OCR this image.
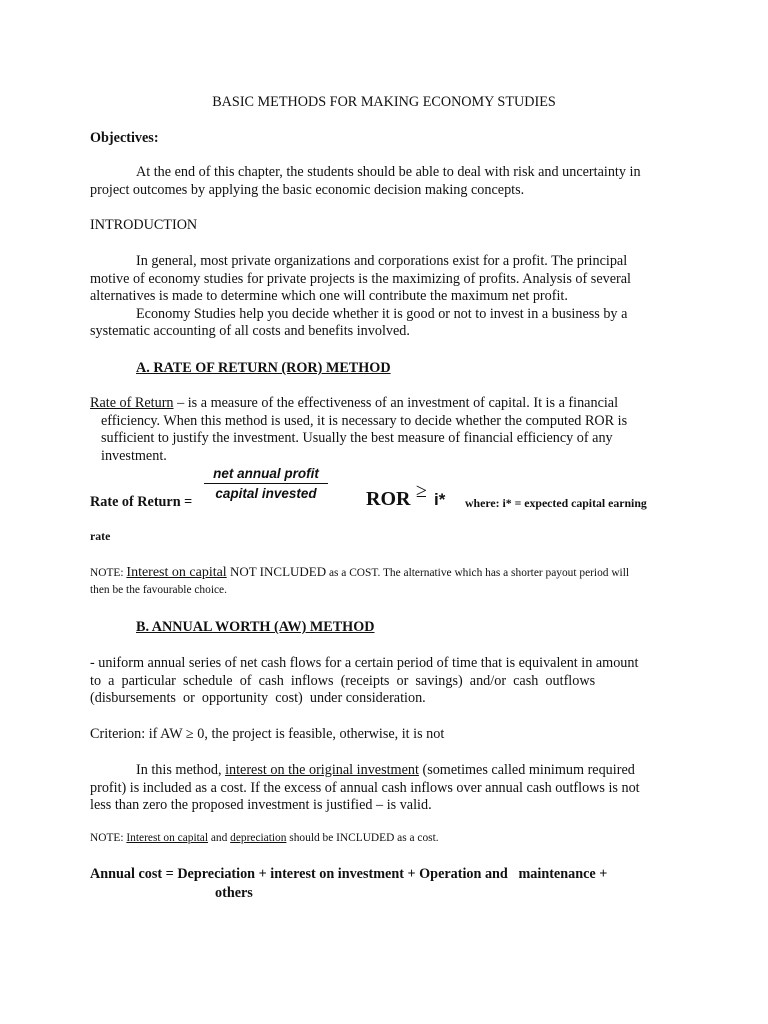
BASIC METHODS FOR MAKING ECONOMY STUDIES
Objectives:
At the end of this chapter, the students should be able to deal with risk and uncertainty in
project outcomes by applying the basic economic decision making concepts.
INTRODUCTION
In general, most private organizations and corporations exist for a profit. The principal
motive of economy studies for private projects is the maximizing of profits. Analysis of several
alternatives is made to determine which one will contribute the maximum net profit.
Economy Studies help you decide whether it is good or not to invest in a business by a
systematic accounting of all costs and benefits involved.
A. RATE OF RETURN (ROR) METHOD
Rate of Return – is a measure of the effectiveness of an investment of capital. It is a financial
efficiency. When this method is used, it is necessary to decide whether the computed ROR is
sufficient to justify the investment. Usually the best measure of financial efficiency of any
investment.
Rate of Return =
net annual profit
capital invested	ROR ≥ i* where: i* = expected capital earning
rate
NOTE: Interest on capital NOT INCLUDED as a COST. The alternative which has a shorter payout period will
then be the favourable choice.
B. ANNUAL WORTH (AW) METHOD
- uniform annual series of net cash flows for a certain period of time that is equivalent in amount
to  a  particular  schedule  of  cash  inflows  (receipts  or  savings)  and/or  cash  outflows
(disbursements  or  opportunity  cost)  under consideration.
Criterion: if AW ≥ 0, the project is feasible, otherwise, it is not
In this method, interest on the original investment (sometimes called minimum required
profit) is included as a cost. If the excess of annual cash inflows over annual cash outflows is not
less than zero the proposed investment is justified – is valid.
NOTE: Interest on capital and depreciation should be INCLUDED as a cost.
Annual cost = Depreciation + interest on investment + Operation and   maintenance +
others
